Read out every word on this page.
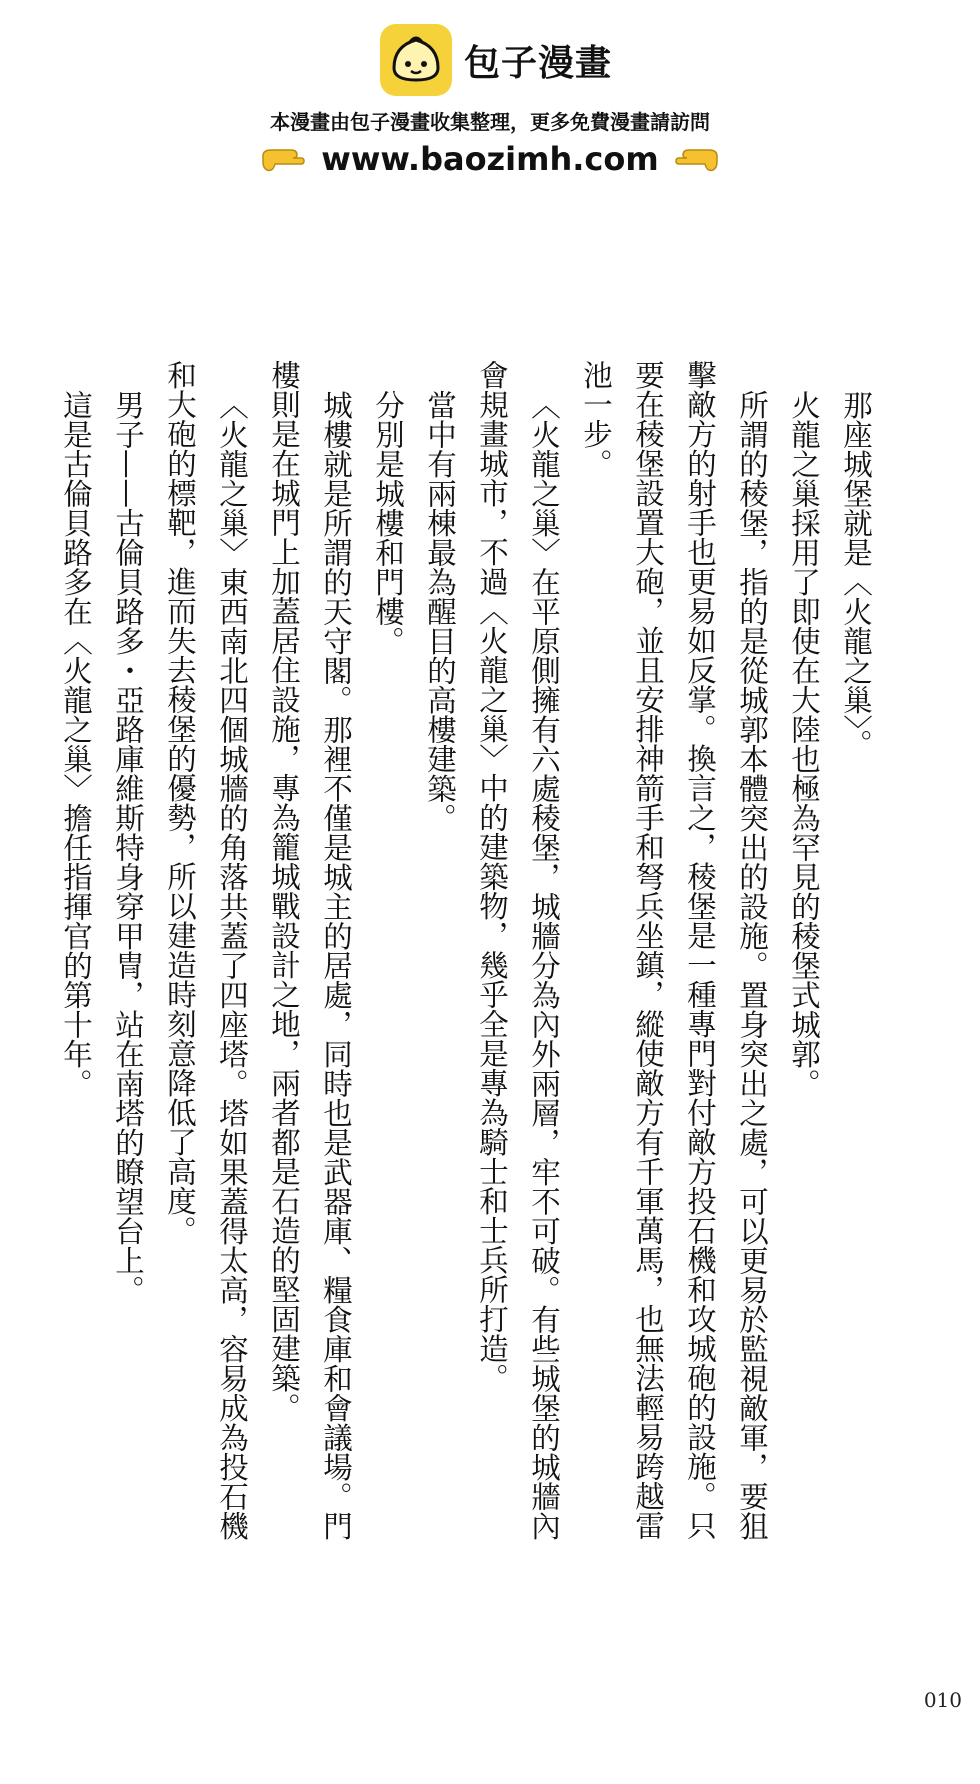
包子漫畫
本漫畫由包子漫畫收集整理，更多免費漫畫請訪問
www.baozimh.com

那座城堡就是〈火龍之巢〉。

火龍之巢採用了即使在大陸也極為罕見的稜堡式城郭。

所謂的稜堡，指的是從城郭本體突出的設施。置身突出之處，可以更易於監視敵軍，要狙擊敵方的射手也更易如反掌。換言之，稜堡是一種專門對付敵方投石機和攻城砲的設施。只要在稜堡設置大砲，並且安排神箭手和弩兵坐鎮，縱使敵方有千軍萬馬，也無法輕易跨越雷池一步。

〈火龍之巢〉在平原側擁有六處稜堡，城牆分為內外兩層，牢不可破。有些城堡的城牆內會規畫城市，不過〈火龍之巢〉中的建築物，幾乎全是專為騎士和士兵所打造。

當中有兩棟最為醒目的高樓建築。

分別是城樓和門樓。

城樓就是所謂的天守閣。那裡不僅是城主的居處，同時也是武器庫、糧食庫和會議場。門樓則是在城門上加蓋居住設施，專為籠城戰設計之地，兩者都是石造的堅固建築。

〈火龍之巢〉東西南北四個城牆的角落共蓋了四座塔。塔如果蓋得太高，容易成為投石機和大砲的標靶，進而失去稜堡的優勢，所以建造時刻意降低了高度。

男子——古倫貝路多・亞路庫維斯特身穿甲冑，站在南塔的瞭望台上。

這是古倫貝路多在〈火龍之巢〉擔任指揮官的第十年。

010
